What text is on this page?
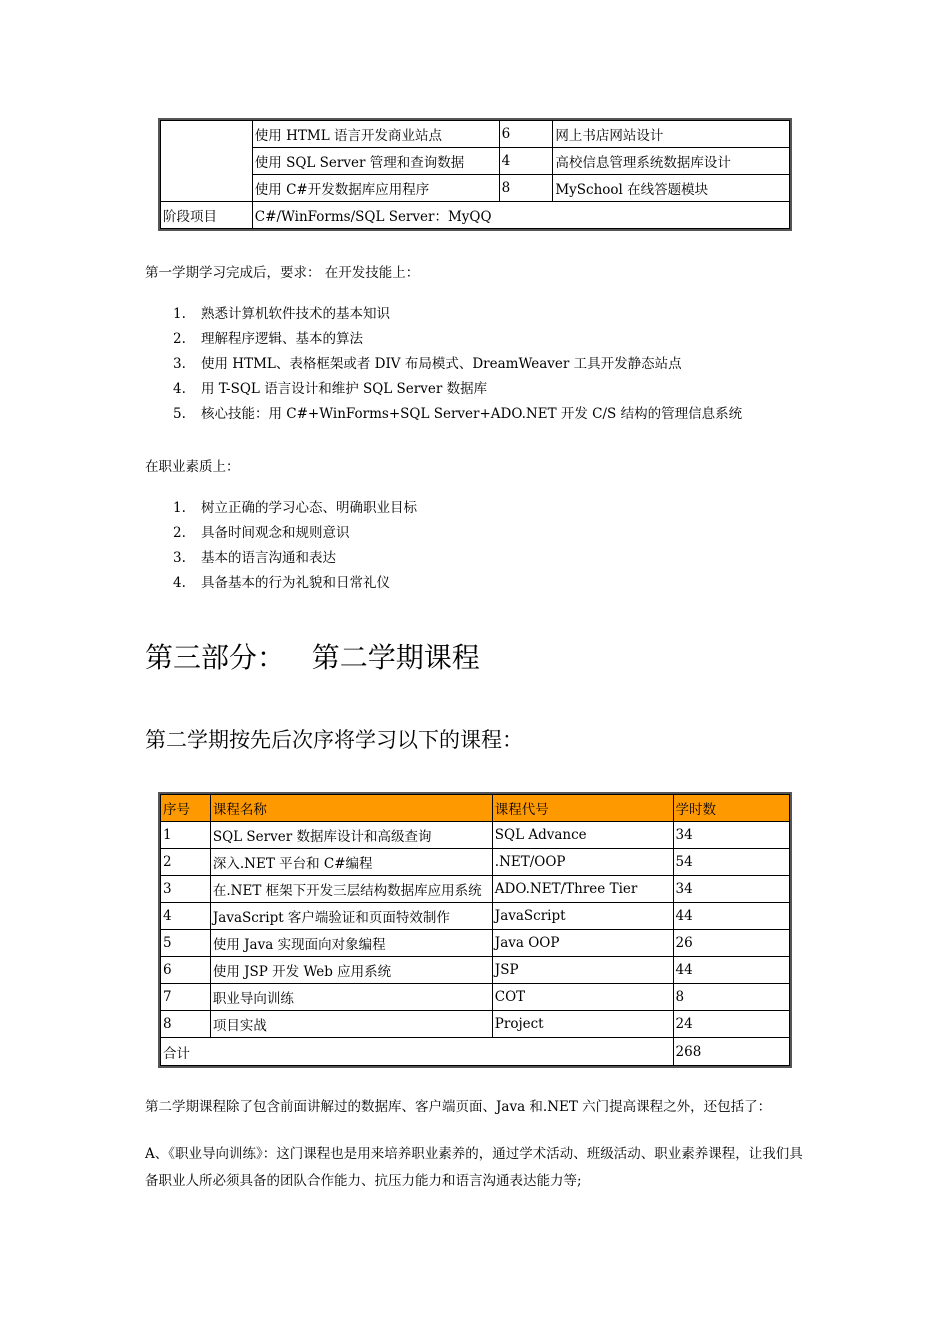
	使用 HTML 语言开发商业站点	6	网上书店网站设计
	使用 SQL Server 管理和查询数据	4	高校信息管理系统数据库设计
	使用 C#开发数据库应用程序	8	MySchool 在线答题模块
阶段项目	C#/WinForms/SQL Server：MyQQ		
第一学期学习完成后，要求： 在开发技能上：
1. 熟悉计算机软件技术的基本知识
2. 理解程序逻辑、基本的算法
3. 使用 HTML、表格框架或者 DIV 布局模式、DreamWeaver 工具开发静态站点
4. 用 T-SQL 语言设计和维护 SQL Server 数据库
5. 核心技能：用 C#+WinForms+SQL Server+ADO.NET 开发 C/S 结构的管理信息系统
在职业素质上：
1. 树立正确的学习心态、明确职业目标
2. 具备时间观念和规则意识
3. 基本的语言沟通和表达
4. 具备基本的行为礼貌和日常礼仪
第三部分：   第二学期课程
第二学期按先后次序将学习以下的课程：
序号	课程名称	课程代号	学时数
1	SQL Server 数据库设计和高级查询	SQL Advance	34
2	深入.NET 平台和 C#编程	.NET/OOP	54
3	在.NET 框架下开发三层结构数据库应用系统	ADO.NET/Three Tier	34
4	JavaScript 客户端验证和页面特效制作	JavaScript	44
5	使用 Java 实现面向对象编程	Java OOP	26
6	使用 JSP 开发 Web 应用系统	JSP	44
7	职业导向训练	COT	8
8	项目实战	Project	24
合计			268
第二学期课程除了包含前面讲解过的数据库、客户端页面、Java 和.NET 六门提高课程之外，还包括了：
A、《职业导向训练》：这门课程也是用来培养职业素养的，通过学术活动、班级活动、职业素养课程，让我们具备职业人所必须具备的团队合作能力、抗压力能力和语言沟通表达能力等;
